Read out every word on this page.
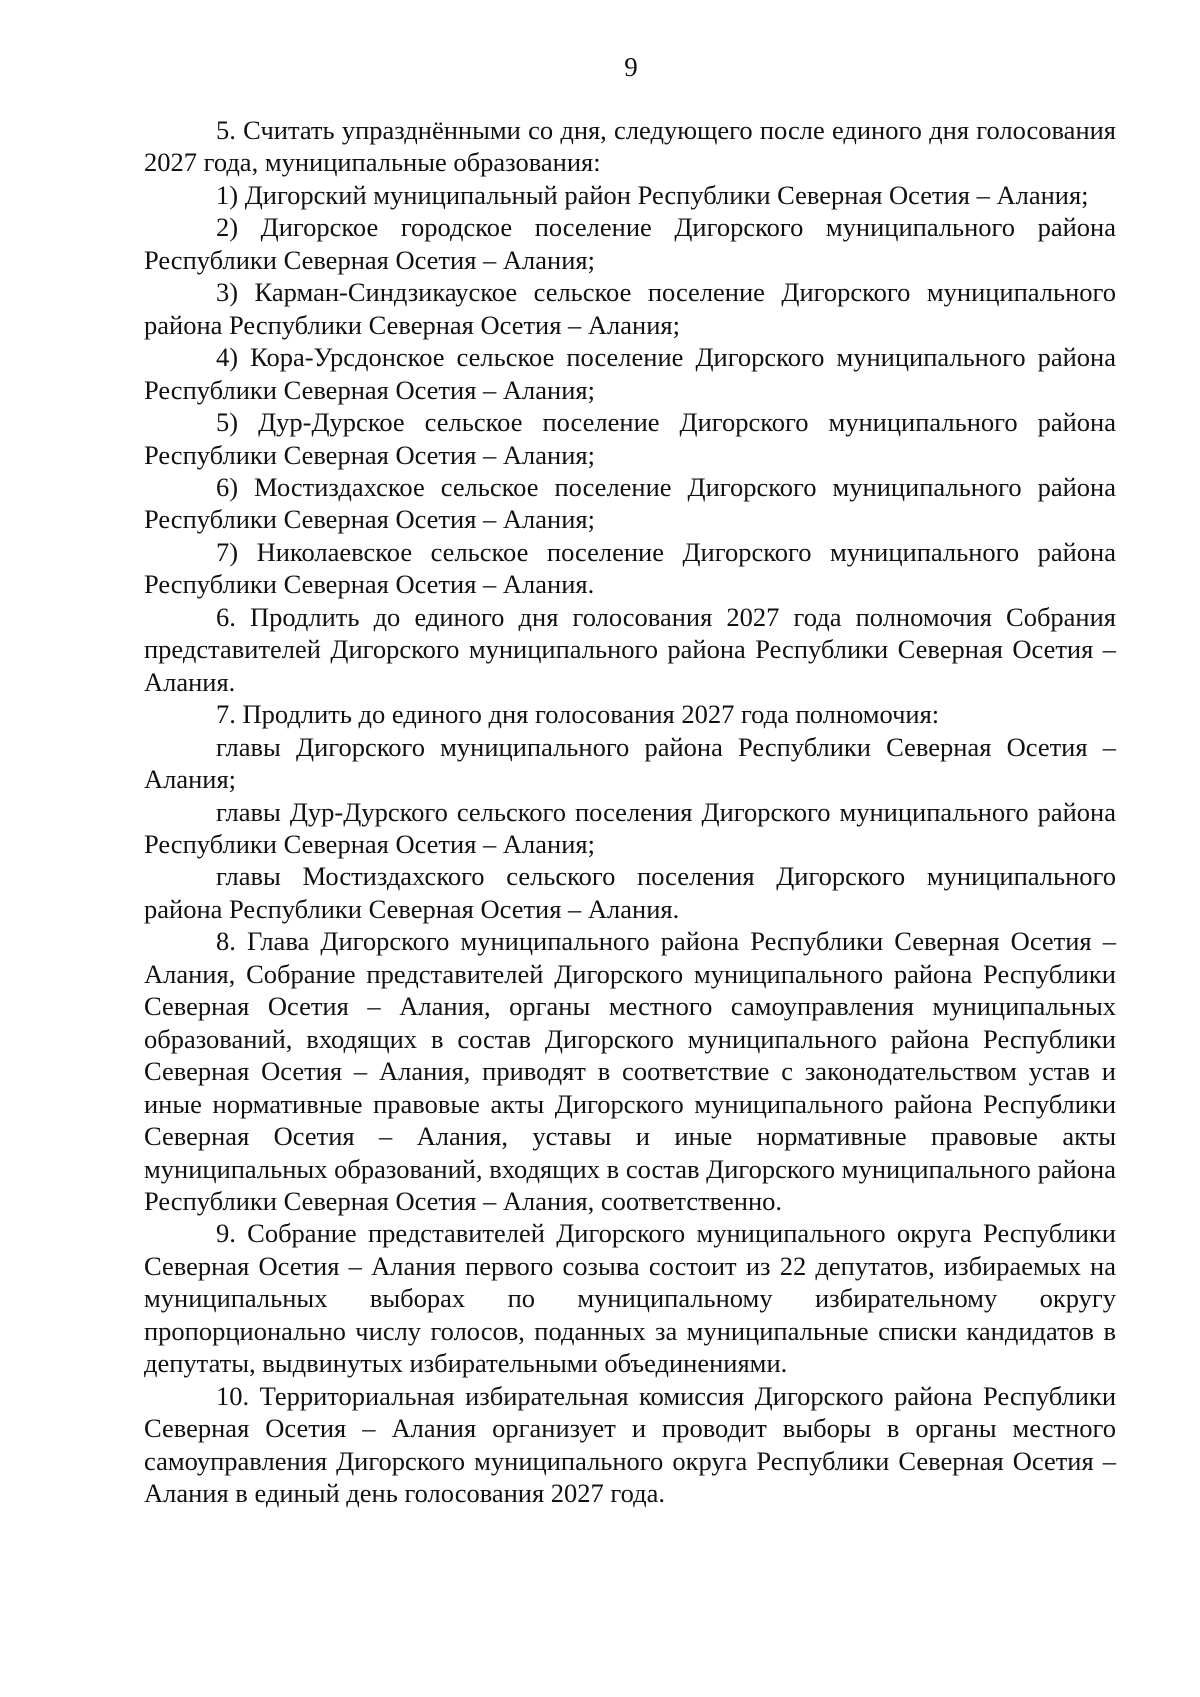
9

5. Считать упразднёнными со дня, следующего после единого дня голосования 2027 года, муниципальные образования:

1) Дигорский муниципальный район Республики Северная Осетия – Алания;

2) Дигорское городское поселение Дигорского муниципального района Республики Северная Осетия – Алания;

3) Карман-Синдзикауское сельское поселение Дигорского муниципального района Республики Северная Осетия – Алания;

4) Кора-Урсдонское сельское поселение Дигорского муниципального района Республики Северная Осетия – Алания;

5) Дур-Дурское сельское поселение Дигорского муниципального района Республики Северная Осетия – Алания;

6) Мостиздахское сельское поселение Дигорского муниципального района Республики Северная Осетия – Алания;

7) Николаевское сельское поселение Дигорского муниципального района Республики Северная Осетия – Алания.

6. Продлить до единого дня голосования 2027 года полномочия Собрания представителей Дигорского муниципального района Республики Северная Осетия – Алания.

7. Продлить до единого дня голосования 2027 года полномочия:

главы Дигорского муниципального района Республики Северная Осетия – Алания;

главы Дур-Дурского сельского поселения Дигорского муниципального района Республики Северная Осетия – Алания;

главы Мостиздахского сельского поселения Дигорского муниципального района Республики Северная Осетия – Алания.

8. Глава Дигорского муниципального района Республики Северная Осетия – Алания, Собрание представителей Дигорского муниципального района Республики Северная Осетия – Алания, органы местного самоуправления муниципальных образований, входящих в состав Дигорского муниципального района Республики Северная Осетия – Алания, приводят в соответствие с законодательством устав и иные нормативные правовые акты Дигорского муниципального района Республики Северная Осетия – Алания, уставы и иные нормативные правовые акты муниципальных образований, входящих в состав Дигорского муниципального района Республики Северная Осетия – Алания, соответственно.

9. Собрание представителей Дигорского муниципального округа Республики Северная Осетия – Алания первого созыва состоит из 22 депутатов, избираемых на муниципальных выборах по муниципальному избирательному округу пропорционально числу голосов, поданных за муниципальные списки кандидатов в депутаты, выдвинутых избирательными объединениями.

10. Территориальная избирательная комиссия Дигорского района Республики Северная Осетия – Алания организует и проводит выборы в органы местного самоуправления Дигорского муниципального округа Республики Северная Осетия – Алания в единый день голосования 2027 года.
